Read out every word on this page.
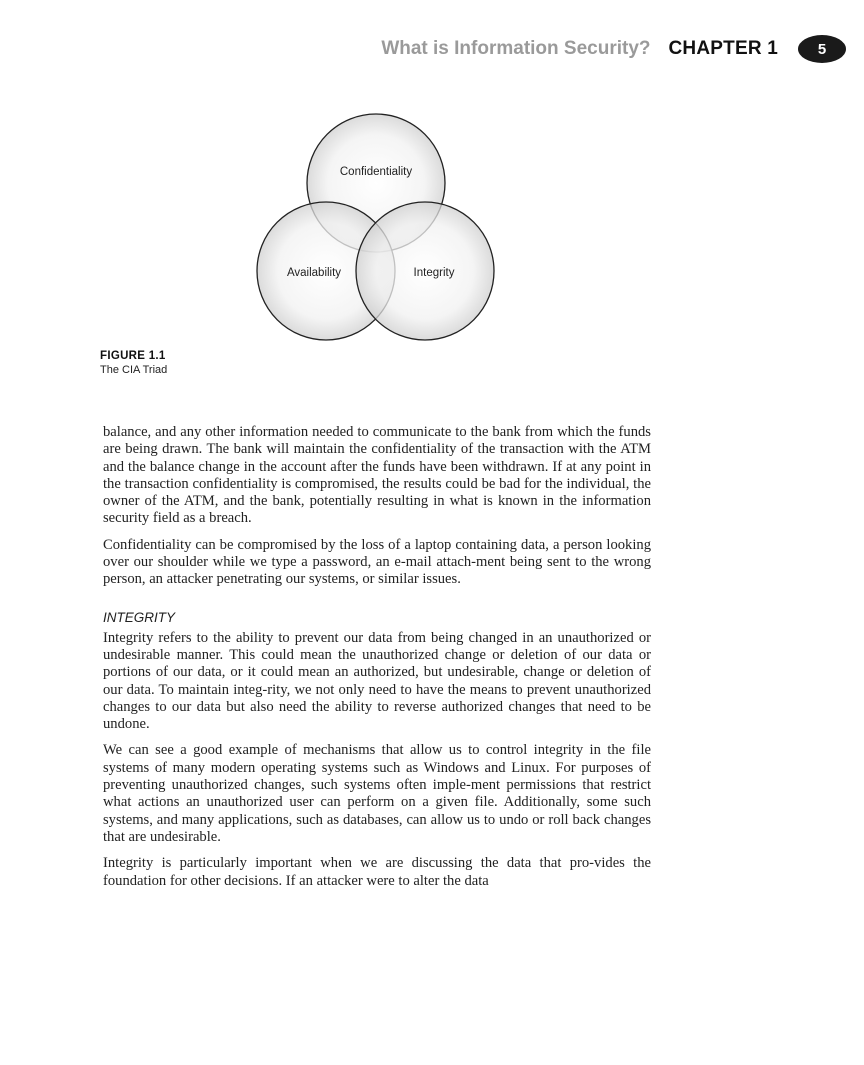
What is Information Security? CHAPTER 1	5
Confidentiality
Availability	Integrity
FIGURE 1.1
The CIA Triad

balance, and any other information needed to communicate to the bank from which the funds are being drawn. The bank will maintain the confidentiality of the transaction with the ATM and the balance change in the account after the funds have been withdrawn. If at any point in the transaction confidentiality is compromised, the results could be bad for the individual, the owner of the ATM, and the bank, potentially resulting in what is known in the information security field as a breach.

Confidentiality can be compromised by the loss of a laptop containing data, a person looking over our shoulder while we type a password, an e-mail attach-ment being sent to the wrong person, an attacker penetrating our systems, or similar issues.

INTEGRITY

Integrity refers to the ability to prevent our data from being changed in an unauthorized or undesirable manner. This could mean the unauthorized change or deletion of our data or portions of our data, or it could mean an authorized, but undesirable, change or deletion of our data. To maintain integ-rity, we not only need to have the means to prevent unauthorized changes to our data but also need the ability to reverse authorized changes that need to be undone.

We can see a good example of mechanisms that allow us to control integrity in the file systems of many modern operating systems such as Windows and Linux. For purposes of preventing unauthorized changes, such systems often imple-ment permissions that restrict what actions an unauthorized user can perform on a given file. Additionally, some such systems, and many applications, such as databases, can allow us to undo or roll back changes that are undesirable.

Integrity is particularly important when we are discussing the data that pro-vides the foundation for other decisions. If an attacker were to alter the data
